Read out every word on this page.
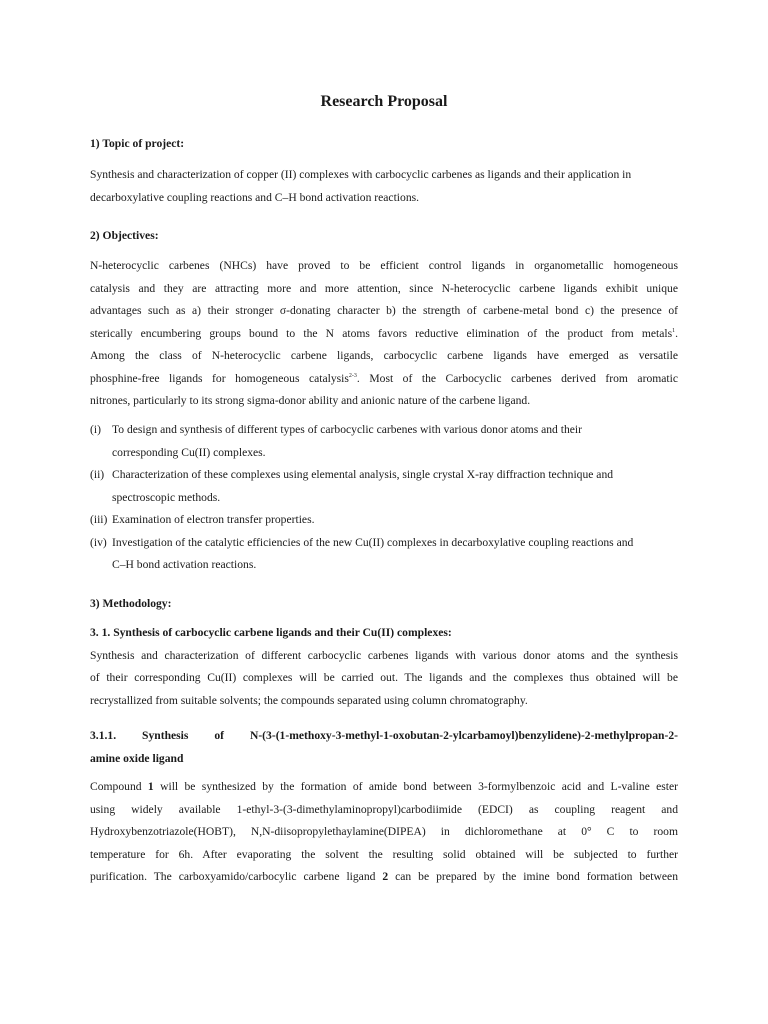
Research Proposal
1) Topic of project:
Synthesis and characterization of copper (II) complexes with carbocyclic carbenes as ligands and their application in
decarboxylative coupling reactions and C–H bond activation reactions.
2) Objectives:
N-heterocyclic carbenes (NHCs) have proved to be efficient control ligands in organometallic homogeneous
catalysis and they are attracting more and more attention, since N-heterocyclic carbene ligands exhibit unique
advantages such as a) their stronger σ-donating character b) the strength of carbene-metal bond c) the presence of
sterically encumbering groups bound to the N atoms favors reductive elimination of the product from metals$^1$.
Among the class of N-heterocyclic carbene ligands, carbocyclic carbene ligands have emerged as versatile
phosphine-free ligands for homogeneous catalysis$^{2-3}$. Most of the Carbocyclic carbenes derived from aromatic
nitrones, particularly to its strong sigma-donor ability and anionic nature of the carbene ligand.
(i) To design and synthesis of different types of carbocyclic carbenes with various donor atoms and their
corresponding Cu(II) complexes.
(ii) Characterization of these complexes using elemental analysis, single crystal X-ray diffraction technique and
spectroscopic methods.
(iii) Examination of electron transfer properties.
(iv) Investigation of the catalytic efficiencies of the new Cu(II) complexes in decarboxylative coupling reactions and
C–H bond activation reactions.
3) Methodology:
3. 1. Synthesis of carbocyclic carbene ligands and their Cu(II) complexes:
Synthesis and characterization of different carbocyclic carbenes ligands with various donor atoms and the synthesis
of their corresponding Cu(II) complexes will be carried out. The ligands and the complexes thus obtained will be
recrystallized from suitable solvents; the compounds separated using column chromatography.
3.1.1.   Synthesis   of   N-(3-(1-methoxy-3-methyl-1-oxobutan-2-ylcarbamoyl)benzylidene)-2-methylpropan-2-
amine oxide ligand
Compound 1 will be synthesized by the formation of amide bond between 3-formylbenzoic acid and L-valine ester
using widely available 1-ethyl-3-(3-dimethylaminopropyl)carbodiimide (EDCI) as coupling reagent and
Hydroxybenzotriazole(HOBT), N,N-diisopropylethaylamine(DIPEA) in dichloromethane at 0° C to room
temperature for 6h. After evaporating the solvent the resulting solid obtained will be subjected to further
purification. The carboxyamido/carbocylic carbene ligand 2 can be prepared by the imine bond formation between
